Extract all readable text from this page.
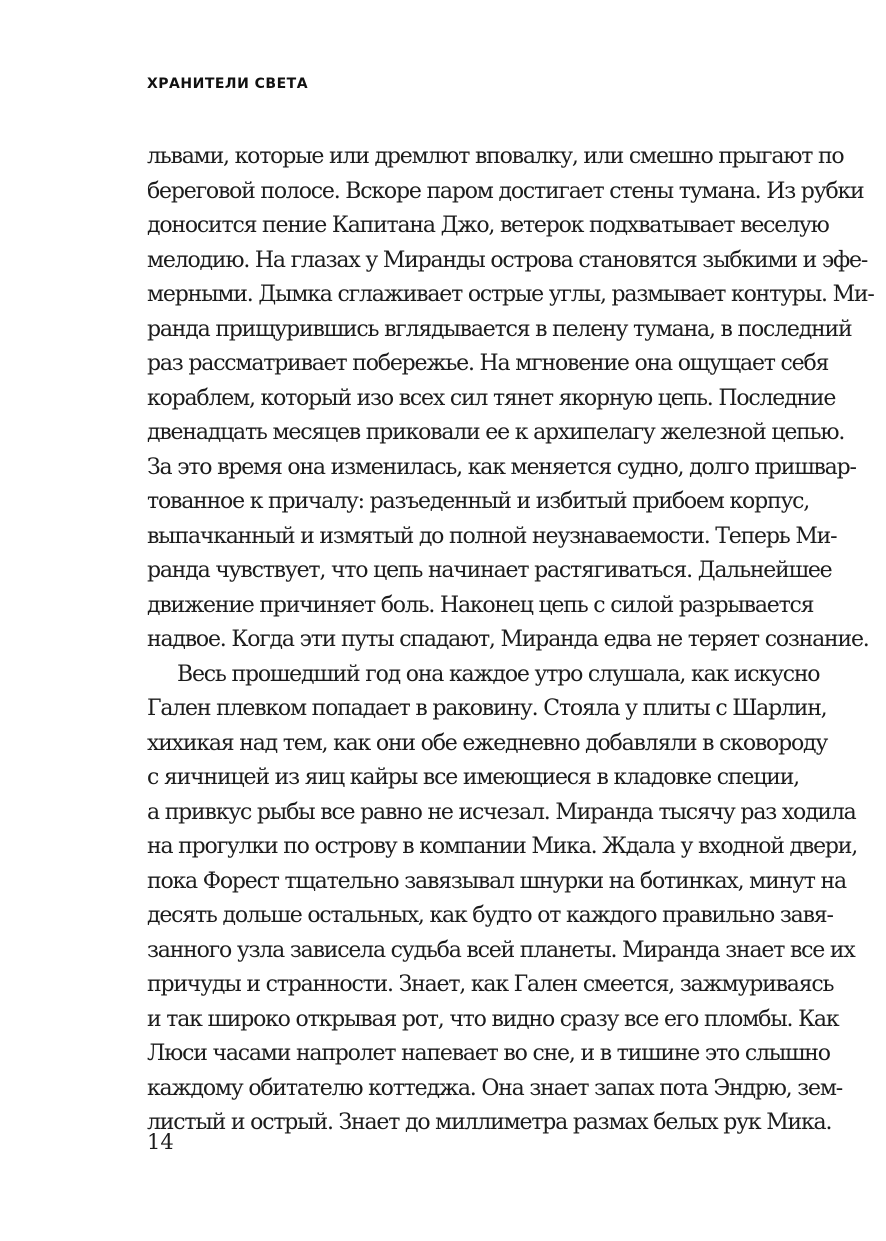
ХРАНИТЕЛИ СВЕТА
львами, которые или дремлют вповалку, или смешно прыгают по
береговой полосе. Вскоре паром достигает стены тумана. Из рубки
доносится пение Капитана Джо, ветерок подхватывает веселую
мелодию. На глазах у Миранды острова становятся зыбкими и эфе-
мерными. Дымка сглаживает острые углы, размывает контуры. Ми-
ранда прищурившись вглядывается в пелену тумана, в последний
раз рассматривает побережье. На мгновение она ощущает себя
кораблем, который изо всех сил тянет якорную цепь. Последние
двенадцать месяцев приковали ее к архипелагу железной цепью.
За это время она изменилась, как меняется судно, долго пришвар-
тованное к причалу: разъеденный и избитый прибоем корпус,
выпачканный и измятый до полной неузнаваемости. Теперь Ми-
ранда чувствует, что цепь начинает растягиваться. Дальнейшее
движение причиняет боль. Наконец цепь с силой разрывается
надвое. Когда эти путы спадают, Миранда едва не теряет сознание.
Весь прошедший год она каждое утро слушала, как искусно
Гален плевком попадает в раковину. Стояла у плиты с Шарлин,
хихикая над тем, как они обе ежедневно добавляли в сковороду
с яичницей из яиц кайры все имеющиеся в кладовке специи,
а привкус рыбы все равно не исчезал. Миранда тысячу раз ходила
на прогулки по острову в компании Мика. Ждала у входной двери,
пока Форест тщательно завязывал шнурки на ботинках, минут на
десять дольше остальных, как будто от каждого правильно завя-
занного узла зависела судьба всей планеты. Миранда знает все их
причуды и странности. Знает, как Гален смеется, зажмуриваясь
и так широко открывая рот, что видно сразу все его пломбы. Как
Люси часами напролет напевает во сне, и в тишине это слышно
каждому обитателю коттеджа. Она знает запах пота Эндрю, зем-
листый и острый. Знает до миллиметра размах белых рук Мика.
14
